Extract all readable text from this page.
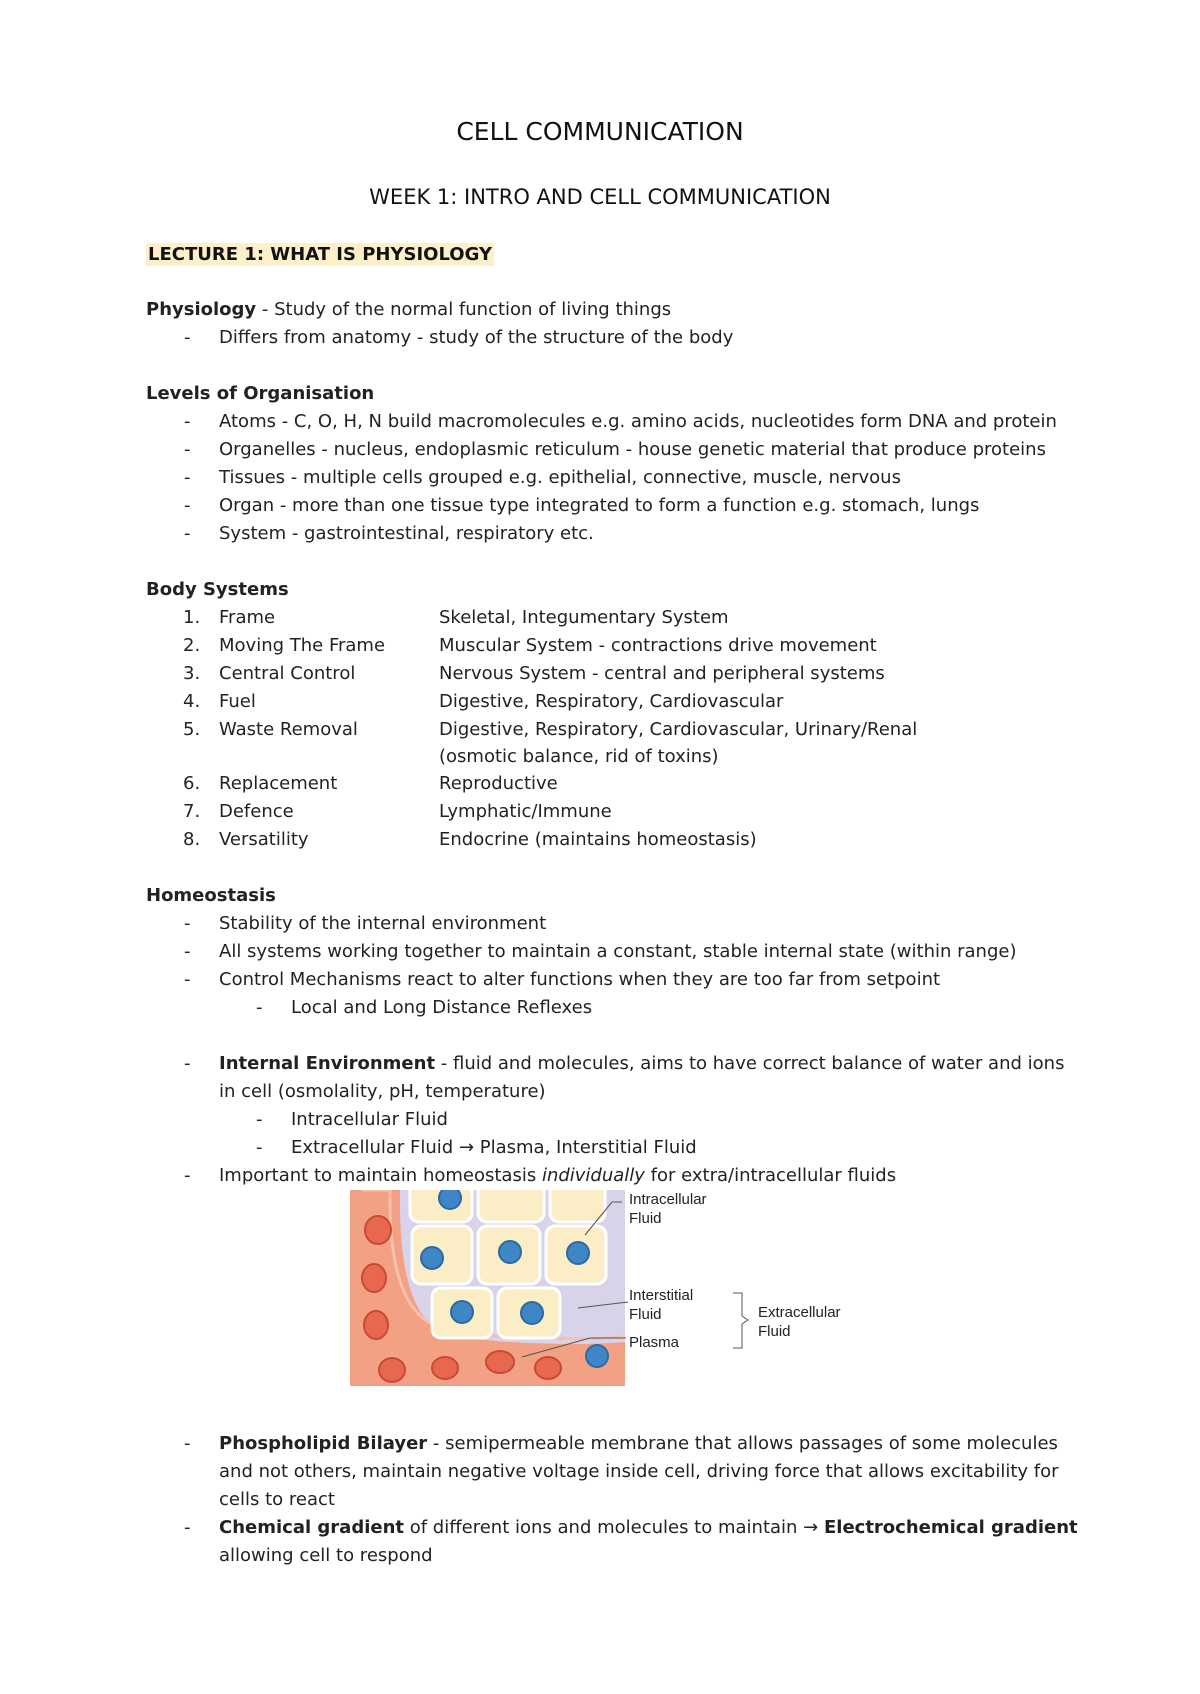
CELL COMMUNICATION
WEEK 1: INTRO AND CELL COMMUNICATION
LECTURE 1: WHAT IS PHYSIOLOGY
Physiology - Study of the normal function of living things
- Differs from anatomy - study of the structure of the body
Levels of Organisation
- Atoms - C, O, H, N build macromolecules e.g. amino acids, nucleotides form DNA and protein
- Organelles - nucleus, endoplasmic reticulum - house genetic material that produce proteins
- Tissues - multiple cells grouped e.g. epithelial, connective, muscle, nervous
- Organ - more than one tissue type integrated to form a function e.g. stomach, lungs
- System - gastrointestinal, respiratory etc.
Body Systems
1. Frame	Skeletal, Integumentary System
2. Moving The Frame	Muscular System - contractions drive movement
3. Central Control	Nervous System - central and peripheral systems
4. Fuel	Digestive, Respiratory, Cardiovascular
5. Waste Removal	Digestive, Respiratory, Cardiovascular, Urinary/Renal
(osmotic balance, rid of toxins)
6. Replacement	Reproductive
7. Defence	Lymphatic/Immune
8. Versatility	Endocrine (maintains homeostasis)
Homeostasis
- Stability of the internal environment
- All systems working together to maintain a constant, stable internal state (within range)
- Control Mechanisms react to alter functions when they are too far from setpoint
- Local and Long Distance Reflexes
- Internal Environment - fluid and molecules, aims to have correct balance of water and ions
in cell (osmolality, pH, temperature)
- Intracellular Fluid
- Extracellular Fluid → Plasma, Interstitial Fluid
- Important to maintain homeostasis individually for extra/intracellular fluids
Intracellular
Fluid
Interstitial
Fluid
Plasma
Extracellular
Fluid
- Phospholipid Bilayer - semipermeable membrane that allows passages of some molecules
and not others, maintain negative voltage inside cell, driving force that allows excitability for
cells to react
- Chemical gradient of different ions and molecules to maintain → Electrochemical gradient
allowing cell to respond
